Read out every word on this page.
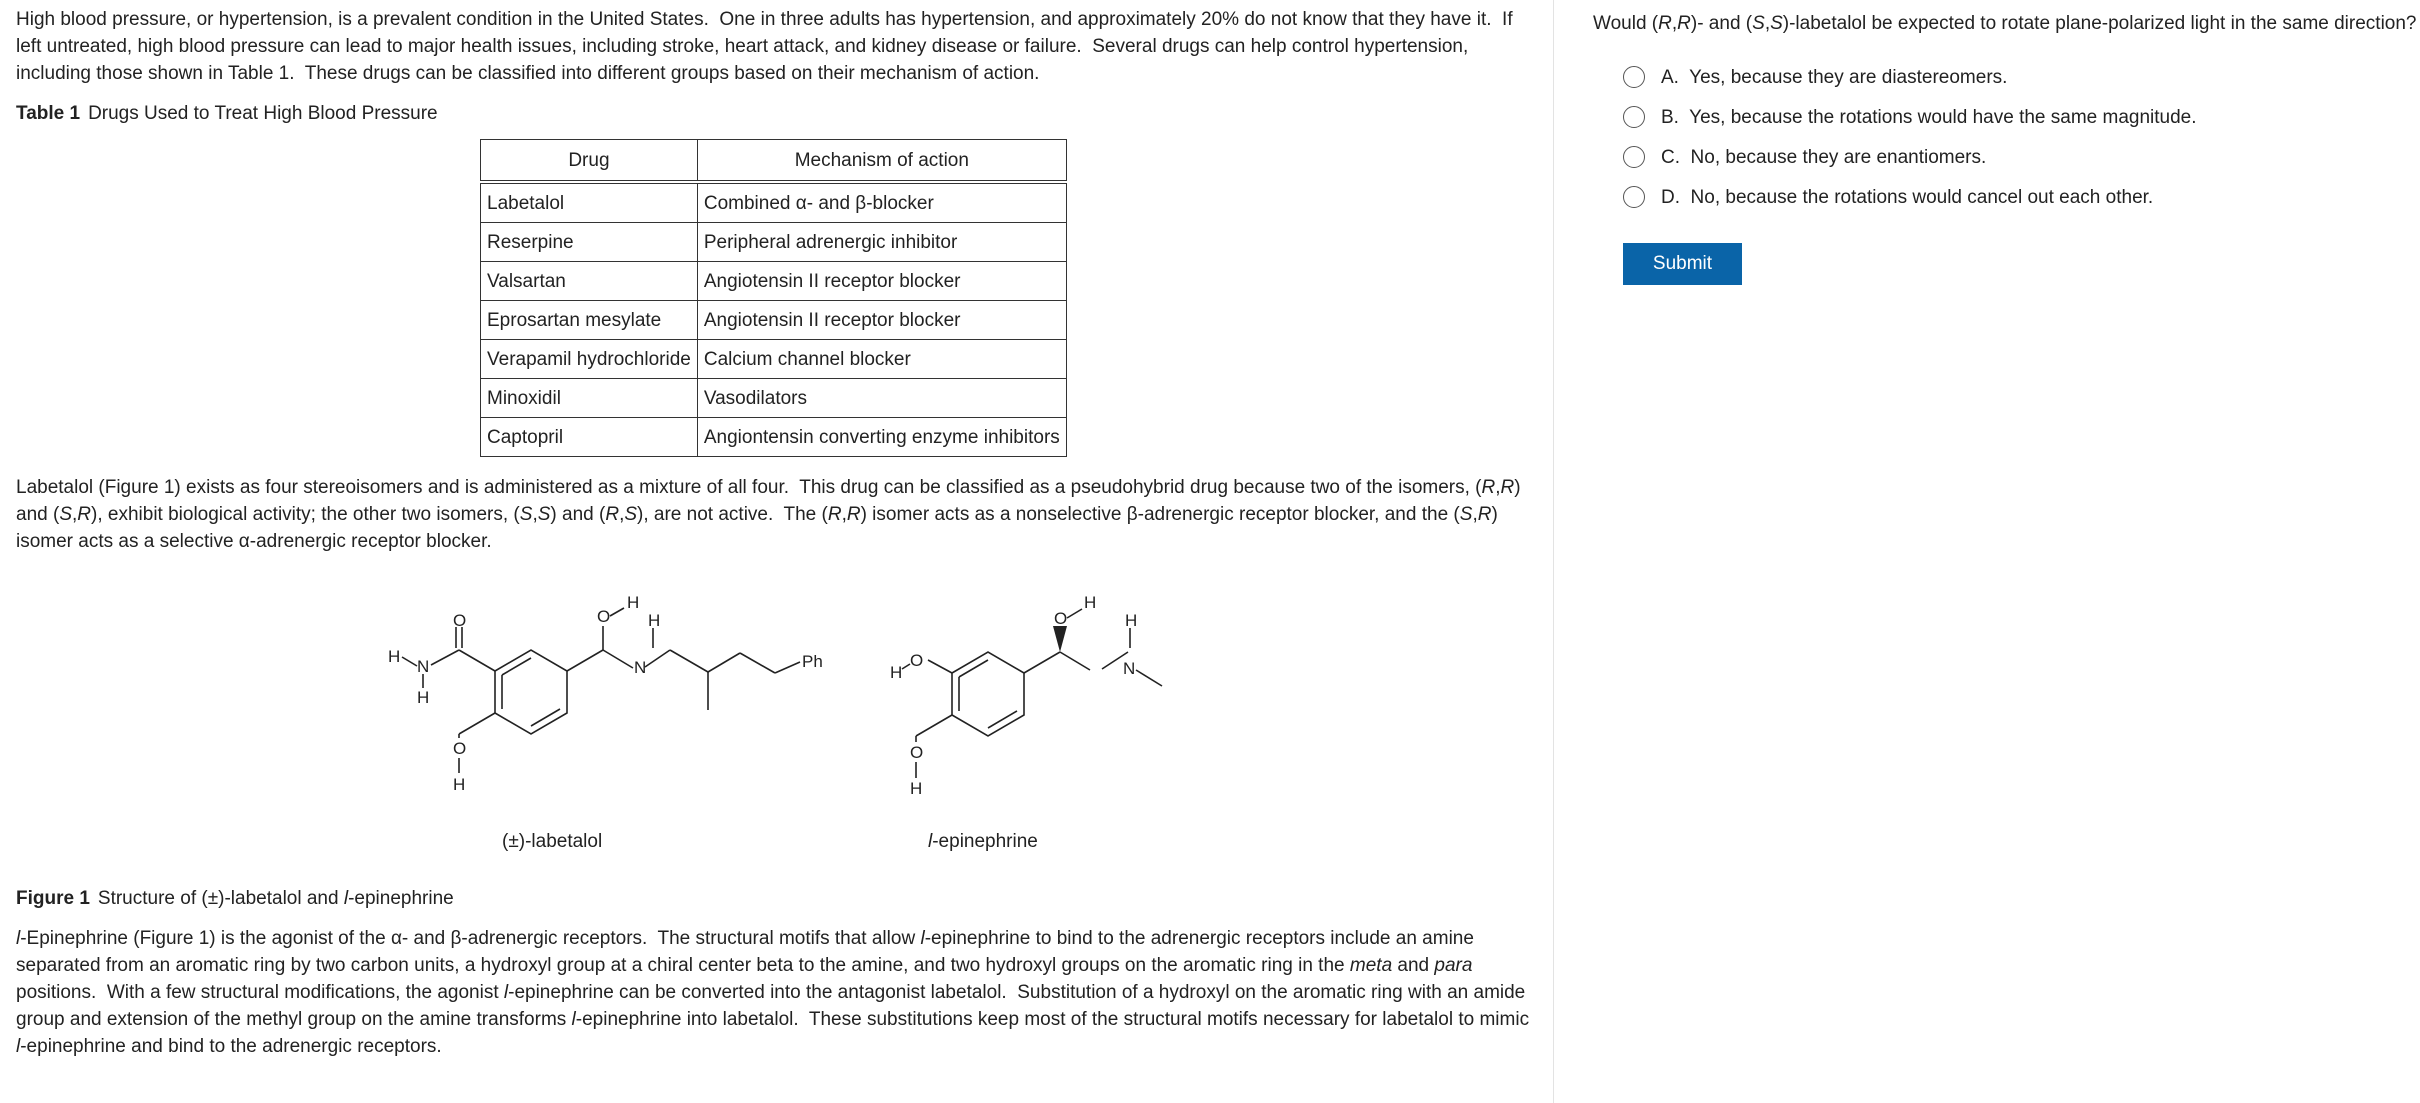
High blood pressure, or hypertension, is a prevalent condition in the United States.  One in three adults has hypertension, and approximately 20% do not know that they have it.  If left untreated, high blood pressure can lead to major health issues, including stroke, heart attack, and kidney disease or failure.  Several drugs can help control hypertension, including those shown in Table 1.  These drugs can be classified into different groups based on their mechanism of action.

Table 1 Drugs Used to Treat High Blood Pressure

Drug	Mechanism of action
Labetalol	Combined α- and β-blocker
Reserpine	Peripheral adrenergic inhibitor
Valsartan	Angiotensin II receptor blocker
Eprosartan mesylate	Angiotensin II receptor blocker
Verapamil hydrochloride	Calcium channel blocker
Minoxidil	Vasodilators
Captopril	Angiontensin converting enzyme inhibitors

Labetalol (Figure 1) exists as four stereoisomers and is administered as a mixture of all four.  This drug can be classified as a pseudohybrid drug because two of the isomers, (R,R) and (S,R), exhibit biological activity; the other two isomers, (S,S) and (R,S), are not active.  The (R,R) isomer acts as a nonselective β-adrenergic receptor blocker, and the (S,R) isomer acts as a selective α-adrenergic receptor blocker.

O
N
H
H
O
H
O
H
H
N	Ph	O
H
O
H
O
H
H
N
(±)-labetalol	l-epinephrine

Figure 1 Structure of (±)-labetalol and l-epinephrine

l-Epinephrine (Figure 1) is the agonist of the α- and β-adrenergic receptors.  The structural motifs that allow l-epinephrine to bind to the adrenergic receptors include an amine separated from an aromatic ring by two carbon units, a hydroxyl group at a chiral center beta to the amine, and two hydroxyl groups on the aromatic ring in the meta and para positions.  With a few structural modifications, the agonist l-epinephrine can be converted into the antagonist labetalol.  Substitution of a hydroxyl on the aromatic ring with an amide group and extension of the methyl group on the amine transforms l-epinephrine into labetalol.  These substitutions keep most of the structural motifs necessary for labetalol to mimic l-epinephrine and bind to the adrenergic receptors.

Would (R,R)- and (S,S)-labetalol be expected to rotate plane-polarized light in the same direction?

A.  Yes, because they are diastereomers.
B.  Yes, because the rotations would have the same magnitude.
C.  No, because they are enantiomers.
D.  No, because the rotations would cancel out each other.
Submit
